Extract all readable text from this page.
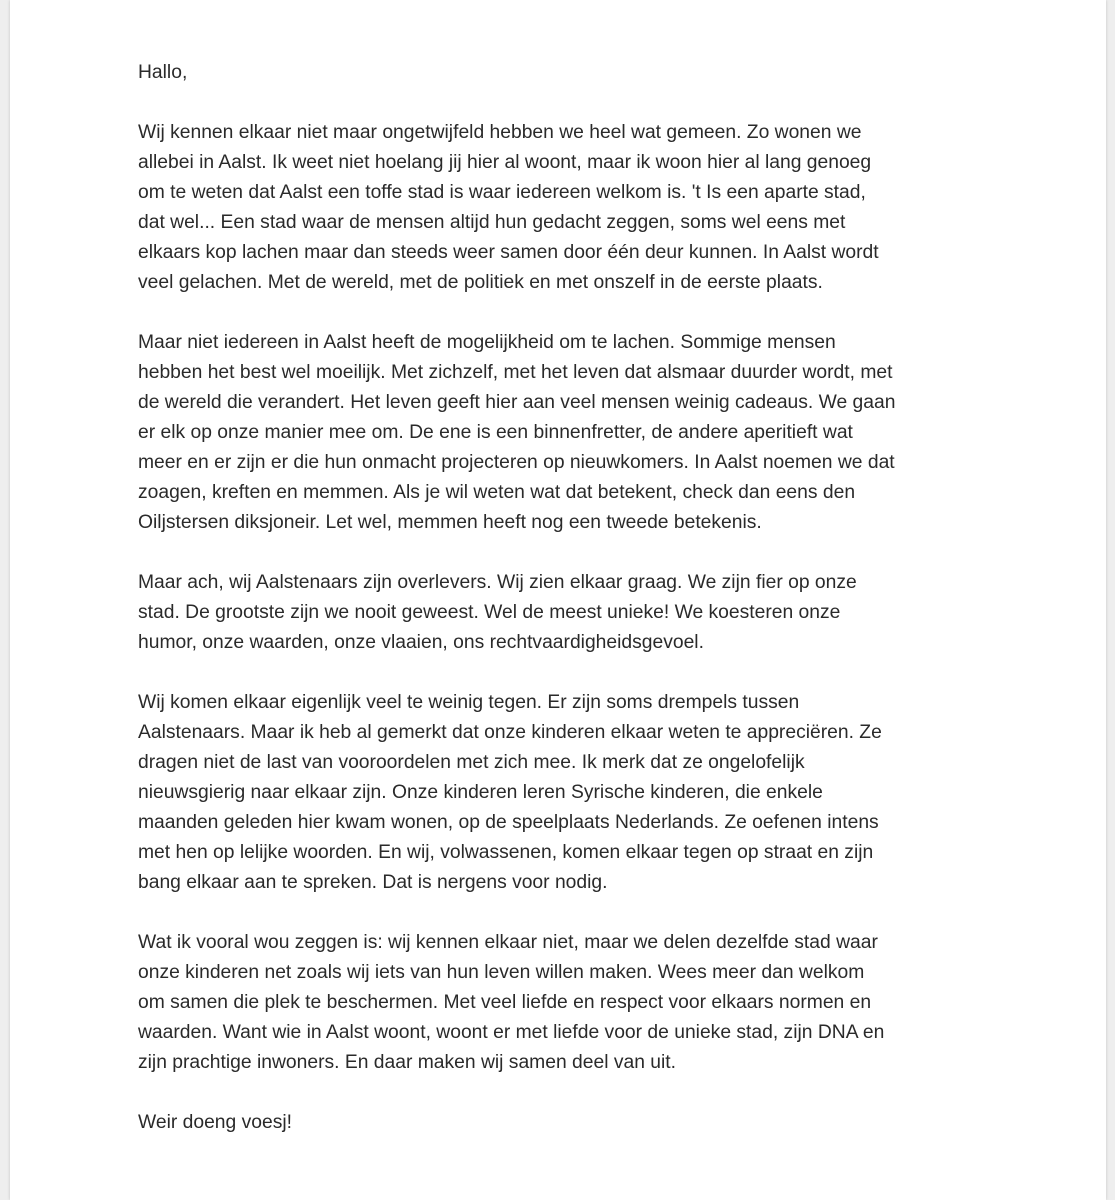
Hallo,

Wij kennen elkaar niet maar ongetwijfeld hebben we heel wat gemeen. Zo wonen we
allebei in Aalst. Ik weet niet hoelang jij hier al woont, maar ik woon hier al lang genoeg
om te weten dat Aalst een toffe stad is waar iedereen welkom is. 't Is een aparte stad,
dat wel... Een stad waar de mensen altijd hun gedacht zeggen, soms wel eens met
elkaars kop lachen maar dan steeds weer samen door één deur kunnen. In Aalst wordt
veel gelachen. Met de wereld, met de politiek en met onszelf in de eerste plaats.

Maar niet iedereen in Aalst heeft de mogelijkheid om te lachen. Sommige mensen
hebben het best wel moeilijk. Met zichzelf, met het leven dat alsmaar duurder wordt, met
de wereld die verandert. Het leven geeft hier aan veel mensen weinig cadeaus. We gaan
er elk op onze manier mee om. De ene is een binnenfretter, de andere aperitieft wat
meer en er zijn er die hun onmacht projecteren op nieuwkomers. In Aalst noemen we dat
zoagen, kreften en memmen. Als je wil weten wat dat betekent, check dan eens den
Oiljstersen diksjoneir. Let wel, memmen heeft nog een tweede betekenis.

Maar ach, wij Aalstenaars zijn overlevers. Wij zien elkaar graag. We zijn fier op onze
stad. De grootste zijn we nooit geweest. Wel de meest unieke! We koesteren onze
humor, onze waarden, onze vlaaien, ons rechtvaardigheidsgevoel.

Wij komen elkaar eigenlijk veel te weinig tegen. Er zijn soms drempels tussen
Aalstenaars. Maar ik heb al gemerkt dat onze kinderen elkaar weten te appreciëren. Ze
dragen niet de last van vooroordelen met zich mee. Ik merk dat ze ongelofelijk
nieuwsgierig naar elkaar zijn. Onze kinderen leren Syrische kinderen, die enkele
maanden geleden hier kwam wonen, op de speelplaats Nederlands. Ze oefenen intens
met hen op lelijke woorden. En wij, volwassenen, komen elkaar tegen op straat en zijn
bang elkaar aan te spreken. Dat is nergens voor nodig.

Wat ik vooral wou zeggen is: wij kennen elkaar niet, maar we delen dezelfde stad waar
onze kinderen net zoals wij iets van hun leven willen maken. Wees meer dan welkom
om samen die plek te beschermen. Met veel liefde en respect voor elkaars normen en
waarden. Want wie in Aalst woont, woont er met liefde voor de unieke stad, zijn DNA en
zijn prachtige inwoners. En daar maken wij samen deel van uit.

Weir doeng voesj!
